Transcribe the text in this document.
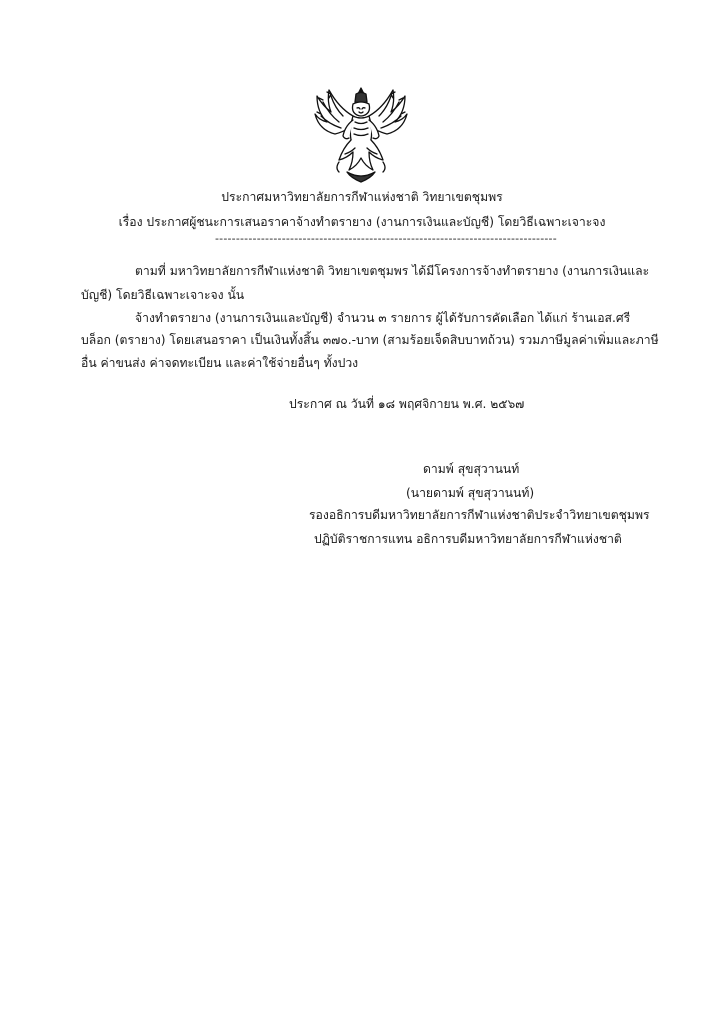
ประกาศมหาวิทยาลัยการกีฬาแห่งชาติ วิทยาเขตชุมพร
เรื่อง ประกาศผู้ชนะการเสนอราคาจ้างทำตรายาง (งานการเงินและบัญชี) โดยวิธีเฉพาะเจาะจง
----------------------------------------------------------------------------------
ตามที่ มหาวิทยาลัยการกีฬาแห่งชาติ วิทยาเขตชุมพร ได้มีโครงการจ้างทำตรายาง (งานการเงินและ
บัญชี) โดยวิธีเฉพาะเจาะจง นั้น
จ้างทำตรายาง (งานการเงินและบัญชี) จำนวน ๓ รายการ ผู้ได้รับการคัดเลือก ได้แก่ ร้านเอส.ศรี
บล็อก (ตรายาง) โดยเสนอราคา เป็นเงินทั้งสิ้น ๓๗๐.-บาท (สามร้อยเจ็ดสิบบาทถ้วน) รวมภาษีมูลค่าเพิ่มและภาษี
อื่น ค่าขนส่ง ค่าจดทะเบียน และค่าใช้จ่ายอื่นๆ ทั้งปวง
ประกาศ ณ วันที่ ๑๘ พฤศจิกายน พ.ศ. ๒๕๖๗
ดามพ์ สุขสุวานนท์
(นายดามพ์ สุขสุวานนท์)
รองอธิการบดีมหาวิทยาลัยการกีฬาแห่งชาติประจำวิทยาเขตชุมพร
ปฏิบัติราชการแทน อธิการบดีมหาวิทยาลัยการกีฬาแห่งชาติ
